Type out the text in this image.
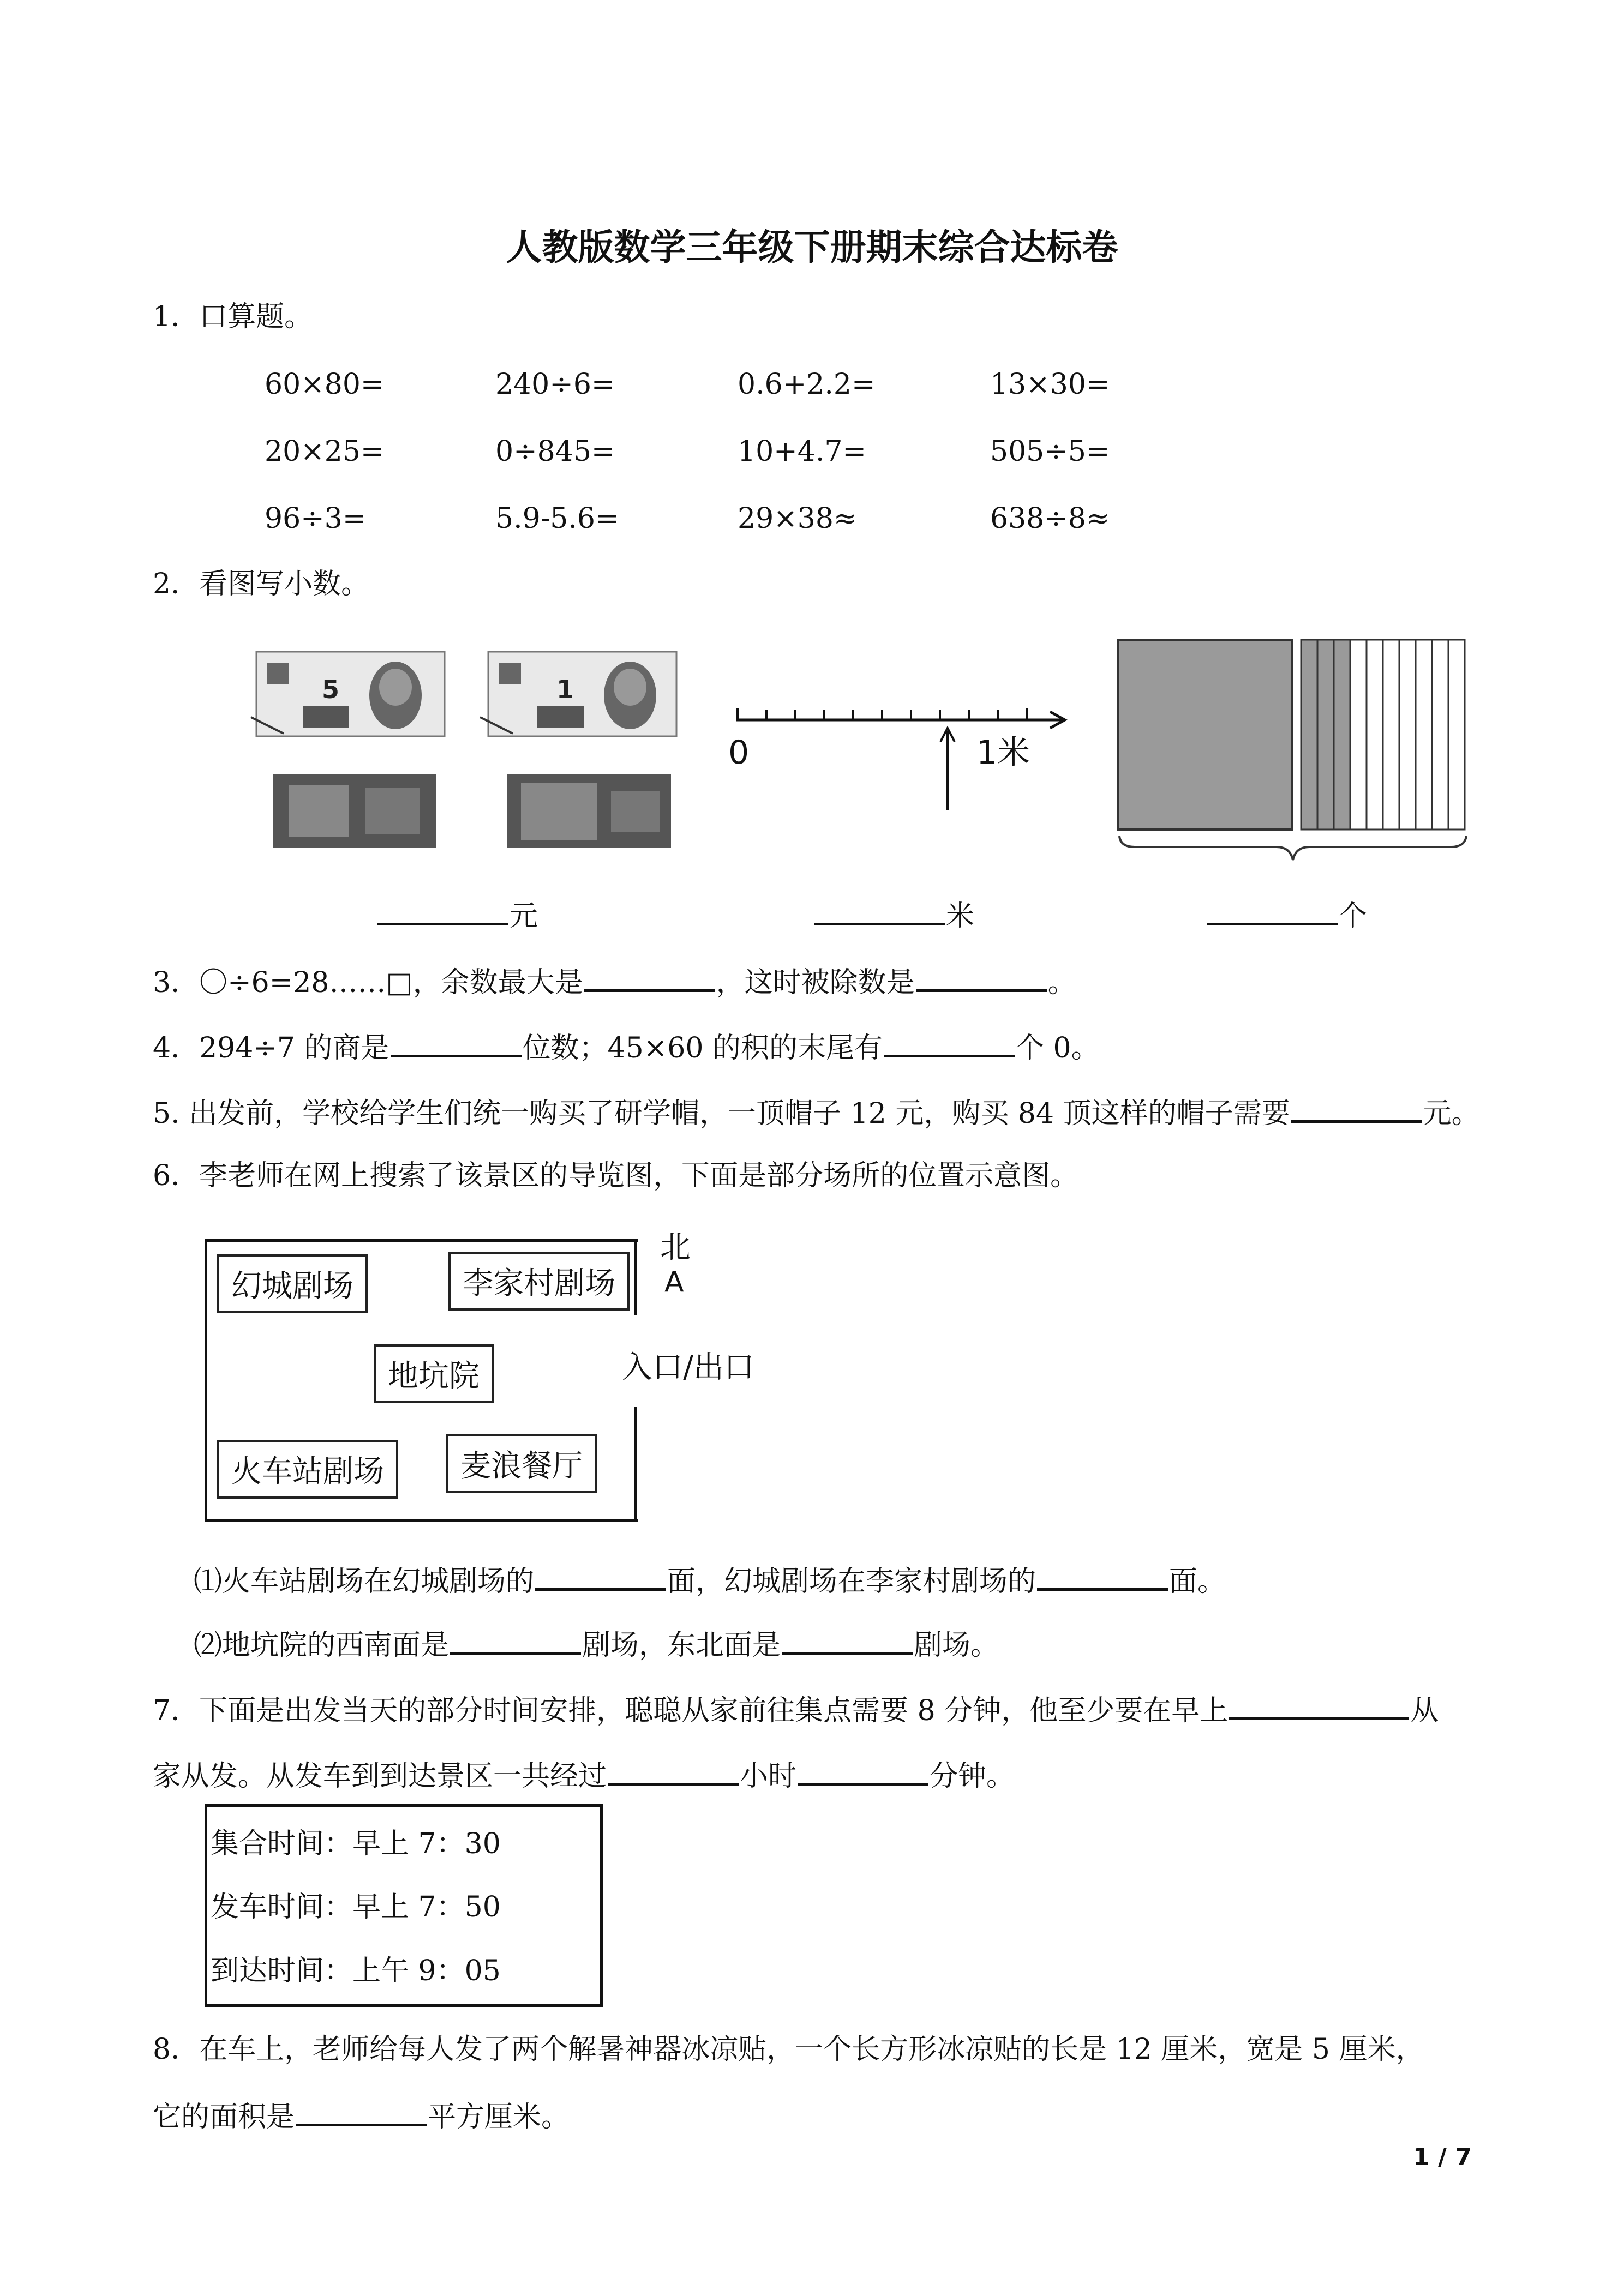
人教版数学三年级下册期末综合达标卷
1．口算题。
60×80=	240÷6=	0.6+2.2=	13×30=
20×25=	0÷845=	10+4.7=	505÷5=
96÷3=	5.9-5.6=	29×38≈	638÷8≈
2．看图写小数。
5	1
0	1米
元	米	个
3．〇÷6=28……□，余数最大是	，这时被除数是	。
4．294÷7 的商是	位数；45×60 的积的末尾有	个 0。
5. 出发前，学校给学生们统一购买了研学帽，一顶帽子 12 元，购买 84 顶这样的帽子需要	元。
6．李老师在网上搜索了该景区的导览图，下面是部分场所的位置示意图。
北
A
幻城剧场	李家村剧场
地坑院
火车站剧场	麦浪餐厅
入口/出口
⑴火车站剧场在幻城剧场的	面，幻城剧场在李家村剧场的	面。
⑵地坑院的西南面是	剧场，东北面是	剧场。
7．下面是出发当天的部分时间安排，聪聪从家前往集点需要 8 分钟，他至少要在早上	从
家从发。从发车到到达景区一共经过	小时	分钟。
集合时间：早上 7：30
发车时间：早上 7：50
到达时间：上午 9：05
8．在车上，老师给每人发了两个解暑神器冰凉贴，一个长方形冰凉贴的长是 12 厘米，宽是 5 厘米，
它的面积是	平方厘米。
1 / 7
